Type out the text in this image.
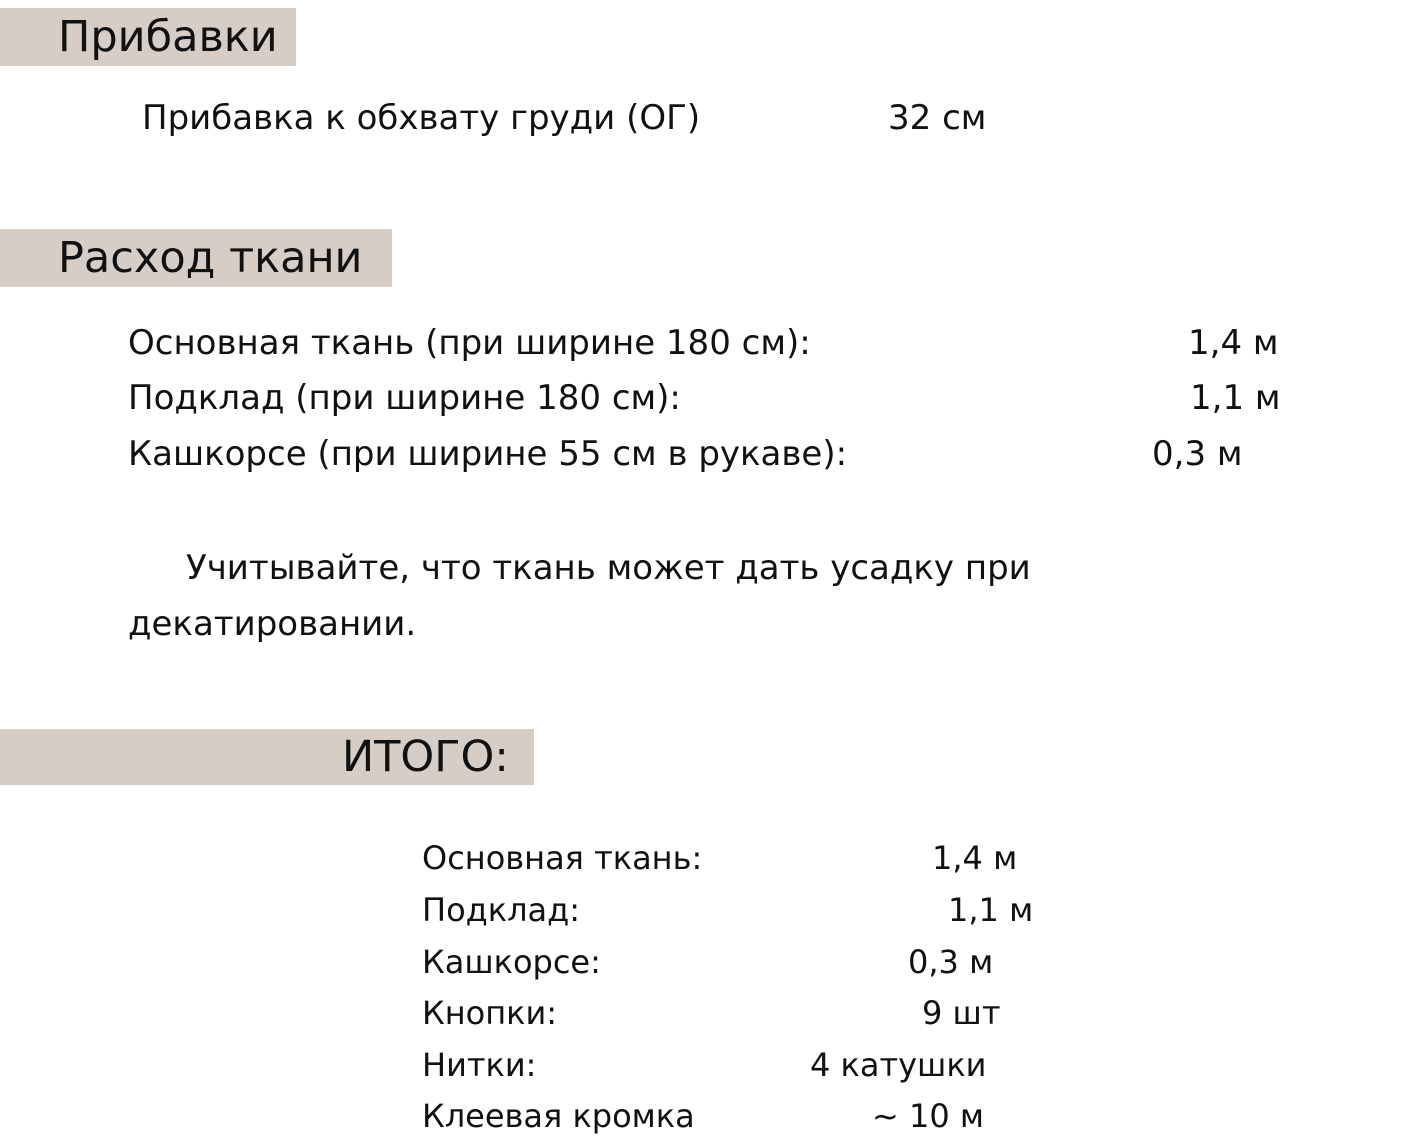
Прибавки
Прибавка к обхвату груди (ОГ)	32 см
Расход ткани
Основная ткань (при ширине 180 см):	1,4 м
Подклад (при ширине 180 см):	1,1 м
Кашкорсе (при ширине 55 см в рукаве):	0,3 м
Учитывайте, что ткань может дать усадку при декатировании.
ИТОГО:
Основная ткань:	1,4 м
Подклад:	1,1 м
Кашкорсе:	0,3 м
Кнопки:	9 шт
Нитки:	4 катушки
Клеевая кромка	~ 10 м
